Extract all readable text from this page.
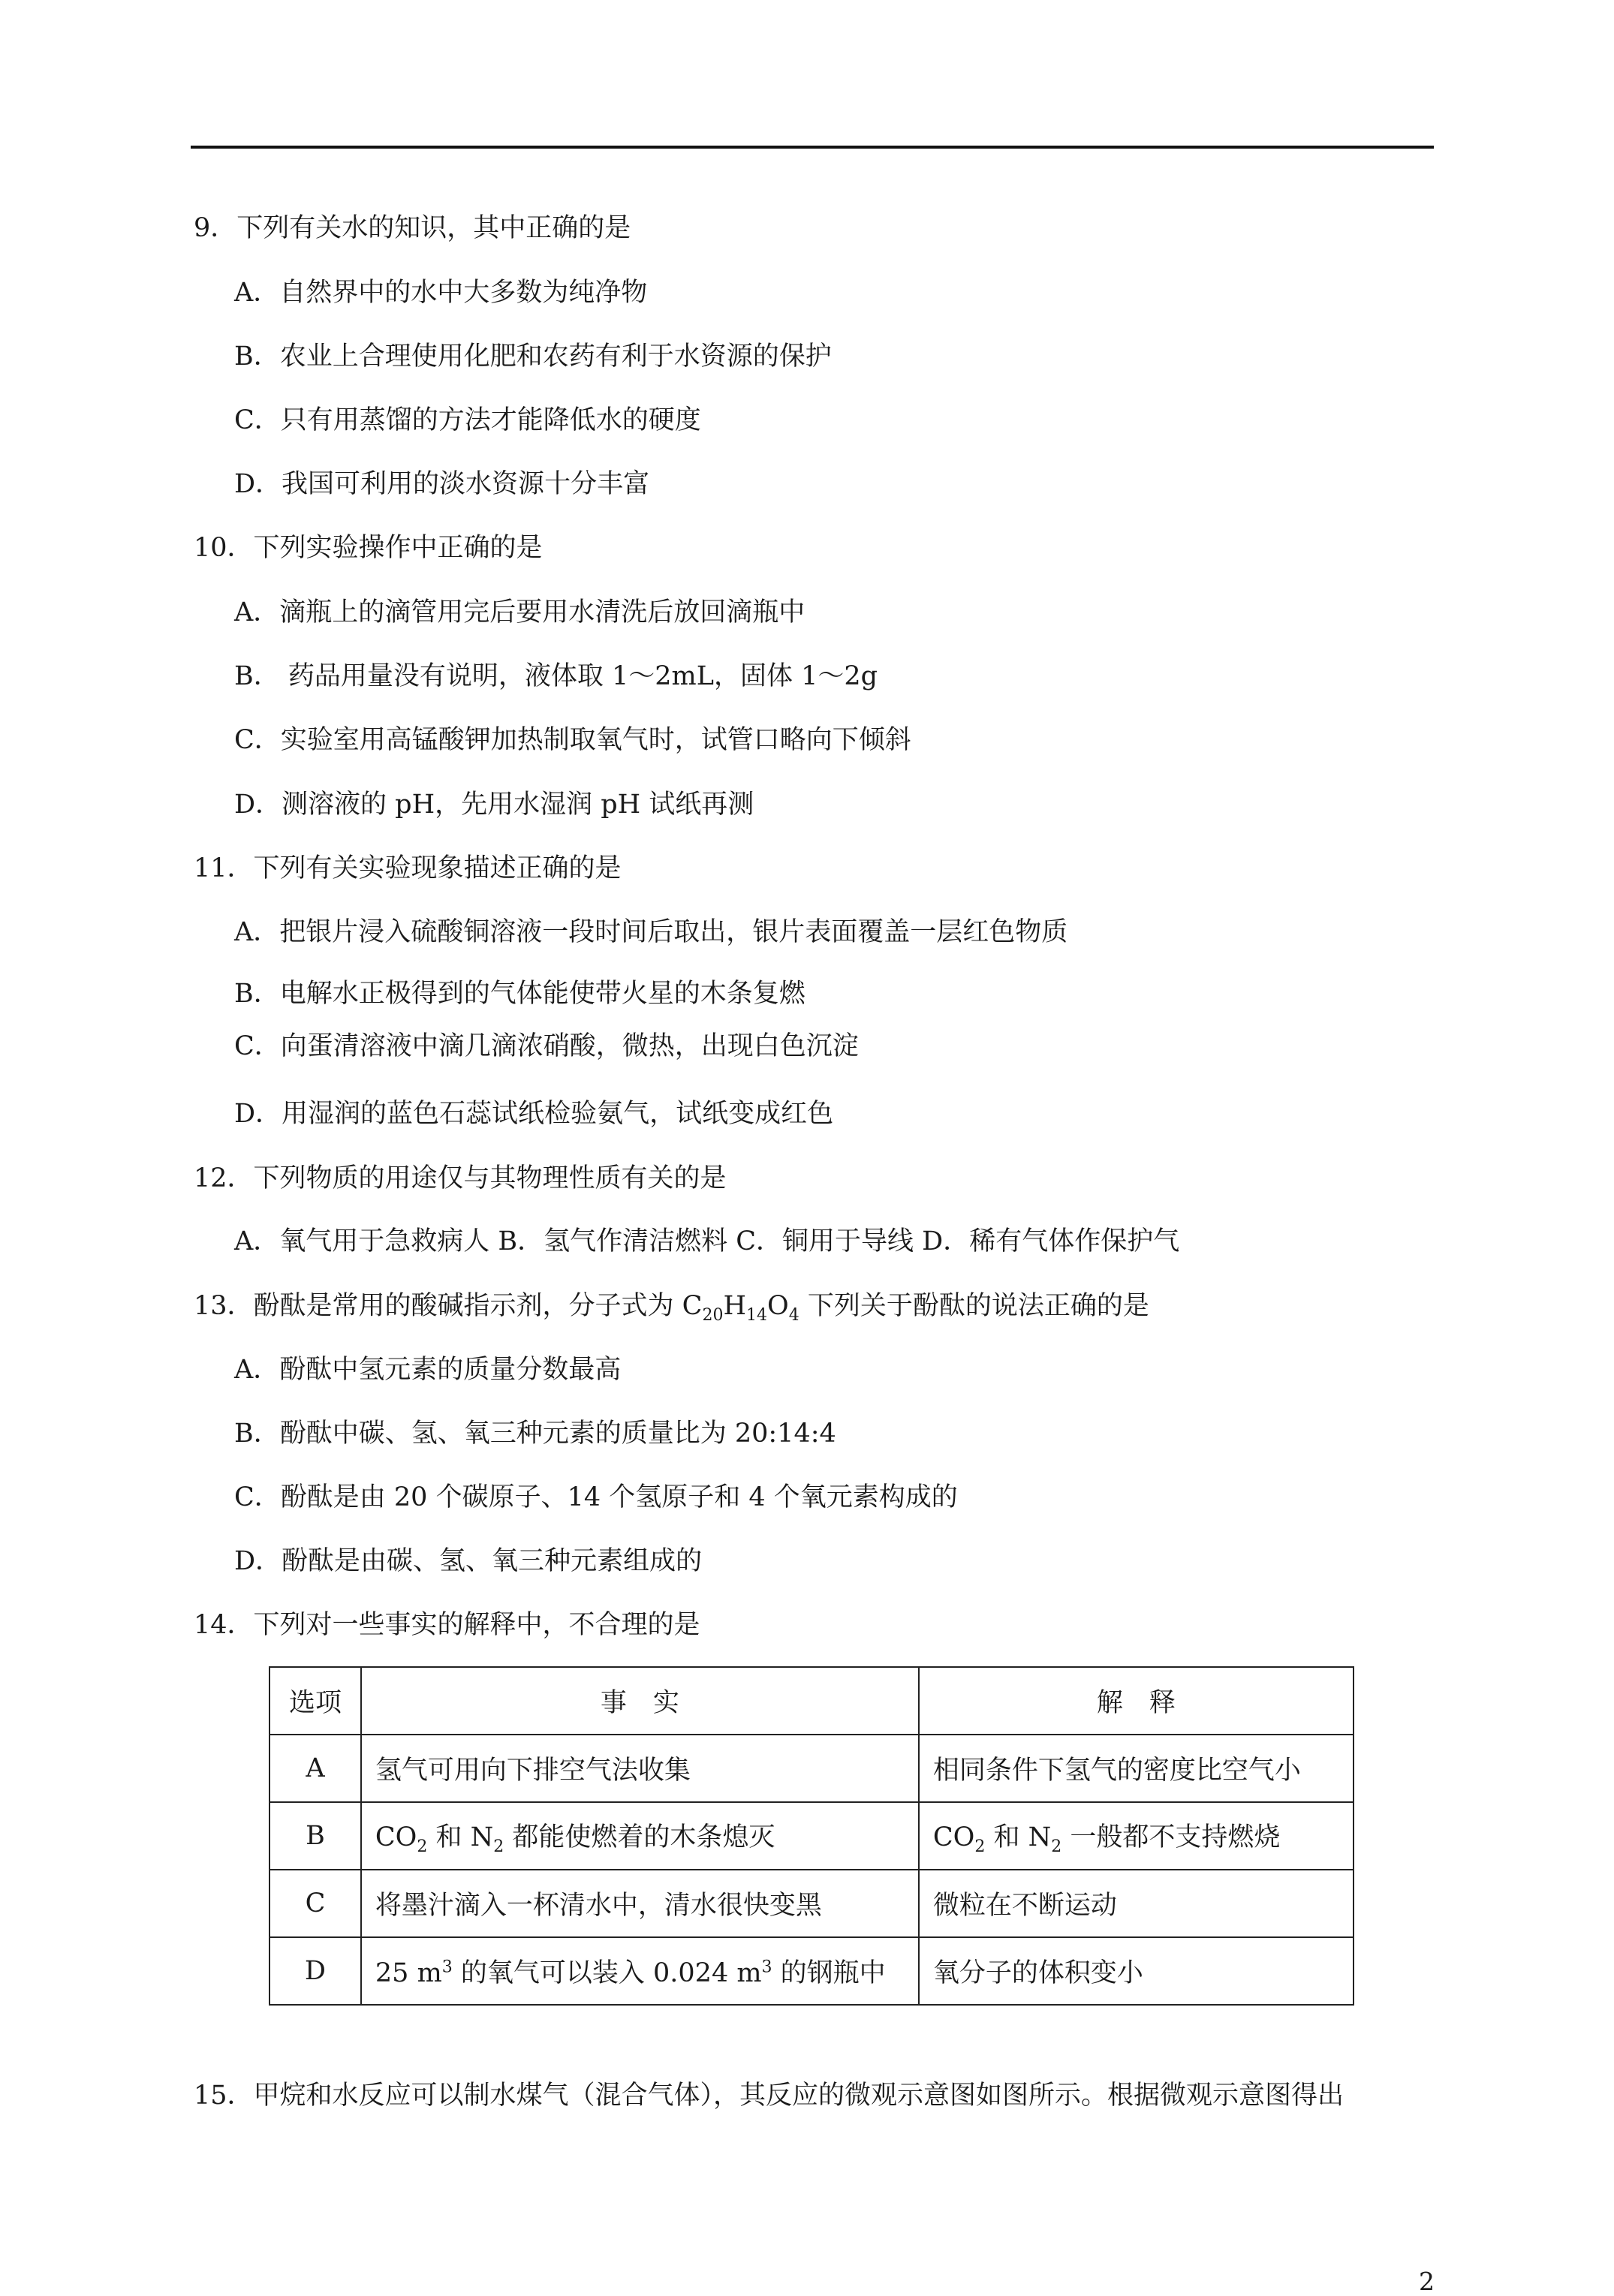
9．下列有关水的知识，其中正确的是
A．自然界中的水中大多数为纯净物
B．农业上合理使用化肥和农药有利于水资源的保护
C．只有用蒸馏的方法才能降低水的硬度
D．我国可利用的淡水资源十分丰富
10．下列实验操作中正确的是
A．滴瓶上的滴管用完后要用水清洗后放回滴瓶中
B． 药品用量没有说明，液体取 1～2mL，固体 1～2g
C．实验室用高锰酸钾加热制取氧气时，试管口略向下倾斜
D．测溶液的 pH，先用水湿润 pH 试纸再测
11．下列有关实验现象描述正确的是
A．把银片浸入硫酸铜溶液一段时间后取出，银片表面覆盖一层红色物质
B．电解水正极得到的气体能使带火星的木条复燃
C．向蛋清溶液中滴几滴浓硝酸，微热，出现白色沉淀
D．用湿润的蓝色石蕊试纸检验氨气，试纸变成红色
12．下列物质的用途仅与其物理性质有关的是
A．氧气用于急救病人 B．氢气作清洁燃料 C．铜用于导线 D．稀有气体作保护气
13．酚酞是常用的酸碱指示剂，分子式为 $C_{20}H_{14}O_4$ 下列关于酚酞的说法正确的是
A．酚酞中氢元素的质量分数最高
B．酚酞中碳、氢、氧三种元素的质量比为 20:14:4
C．酚酞是由 20 个碳原子、14 个氢原子和 4 个氧元素构成的
D．酚酞是由碳、氢、氧三种元素组成的
14．下列对一些事实的解释中，不合理的是
选项	事　实	解　释
A	氢气可用向下排空气法收集	相同条件下氢气的密度比空气小
B	$CO_2$ 和 $N_2$ 都能使燃着的木条熄灭	$CO_2$ 和 $N_2$ 一般都不支持燃烧
C	将墨汁滴入一杯清水中，清水很快变黑	微粒在不断运动
D	25 $m^3$ 的氧气可以装入 0.024 $m^3$ 的钢瓶中	氧分子的体积变小
15．甲烷和水反应可以制水煤气（混合气体），其反应的微观示意图如图所示。根据微观示意图得出
2
